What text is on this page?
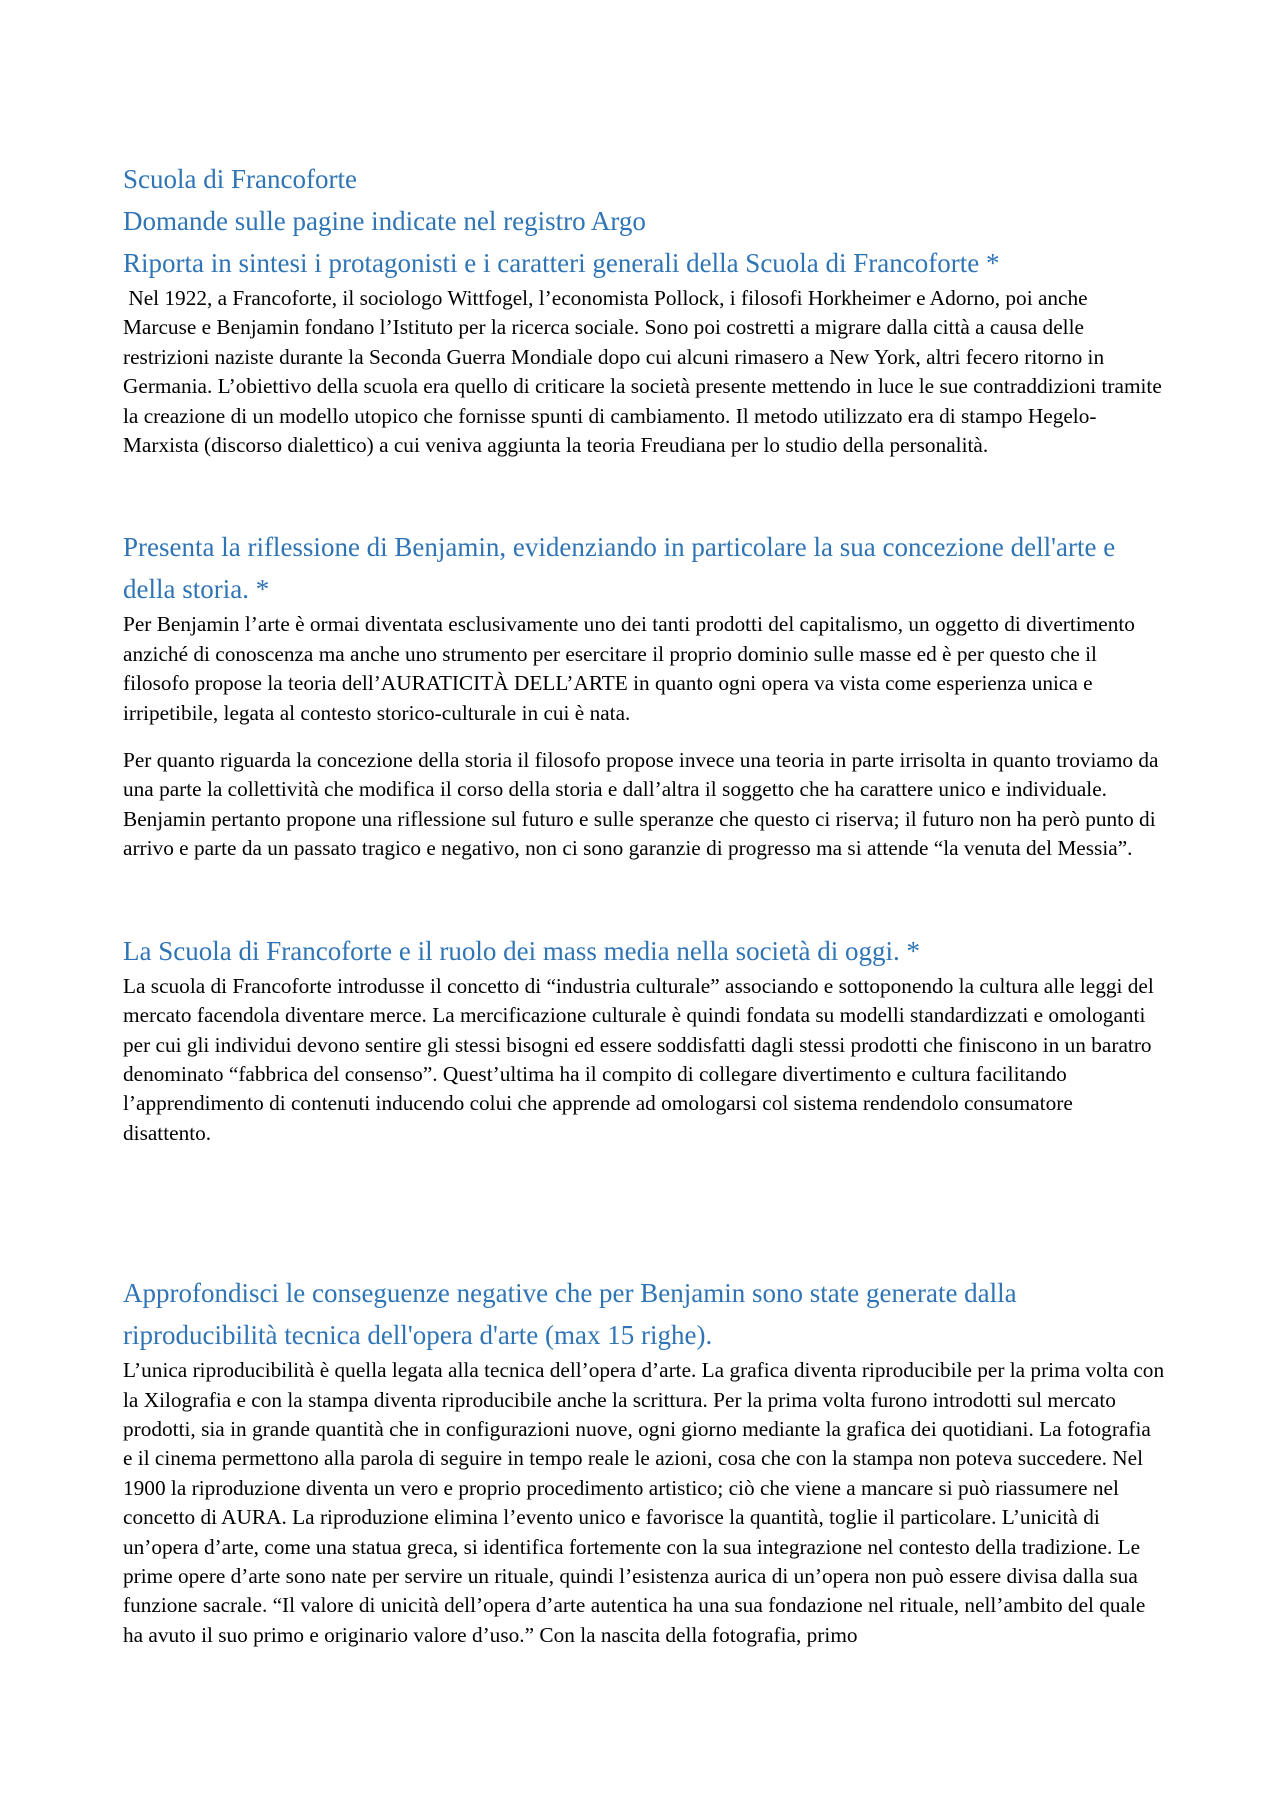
Scuola di Francoforte
Domande sulle pagine indicate nel registro Argo
Riporta in sintesi i protagonisti e i caratteri generali della Scuola di Francoforte *

Nel 1922, a Francoforte, il sociologo Wittfogel, l’economista Pollock, i filosofi Horkheimer e Adorno, poi anche Marcuse e Benjamin fondano l’Istituto per la ricerca sociale. Sono poi costretti a migrare dalla città a causa delle restrizioni naziste durante la Seconda Guerra Mondiale dopo cui alcuni rimasero a New York, altri fecero ritorno in Germania. L’obiettivo della scuola era quello di criticare la società presente mettendo in luce le sue contraddizioni tramite la creazione di un modello utopico che fornisse spunti di cambiamento. Il metodo utilizzato era di stampo Hegelo-Marxista (discorso dialettico) a cui veniva aggiunta la teoria Freudiana per lo studio della personalità.

Presenta la riflessione di Benjamin, evidenziando in particolare la sua concezione dell'arte e della storia. *

Per Benjamin l’arte è ormai diventata esclusivamente uno dei tanti prodotti del capitalismo, un oggetto di divertimento anziché di conoscenza ma anche uno strumento per esercitare il proprio dominio sulle masse ed è per questo che il filosofo propose la teoria dell’AURATICITÀ DELL’ARTE in quanto ogni opera va vista come esperienza unica e irripetibile, legata al contesto storico-culturale in cui è nata.

Per quanto riguarda la concezione della storia il filosofo propose invece una teoria in parte irrisolta in quanto troviamo da una parte la collettività che modifica il corso della storia e dall’altra il soggetto che ha carattere unico e individuale. Benjamin pertanto propone una riflessione sul futuro e sulle speranze che questo ci riserva; il futuro non ha però punto di arrivo e parte da un passato tragico e negativo, non ci sono garanzie di progresso ma si attende “la venuta del Messia”.

La Scuola di Francoforte e il ruolo dei mass media nella società di oggi. *

La scuola di Francoforte introdusse il concetto di “industria culturale” associando e sottoponendo la cultura alle leggi del mercato facendola diventare merce. La mercificazione culturale è quindi fondata su modelli standardizzati e omologanti per cui gli individui devono sentire gli stessi bisogni ed essere soddisfatti dagli stessi prodotti che finiscono in un baratro denominato “fabbrica del consenso”. Quest’ultima ha il compito di collegare divertimento e cultura facilitando l’apprendimento di contenuti inducendo colui che apprende ad omologarsi col sistema rendendolo consumatore disattento.

Approfondisci le conseguenze negative che per Benjamin sono state generate dalla riproducibilità tecnica dell'opera d'arte (max 15 righe).

L’unica riproducibilità è quella legata alla tecnica dell’opera d’arte. La grafica diventa riproducibile per la prima volta con la Xilografia e con la stampa diventa riproducibile anche la scrittura. Per la prima volta furono introdotti sul mercato prodotti, sia in grande quantità che in configurazioni nuove, ogni giorno mediante la grafica dei quotidiani. La fotografia e il cinema permettono alla parola di seguire in tempo reale le azioni, cosa che con la stampa non poteva succedere. Nel 1900 la riproduzione diventa un vero e proprio procedimento artistico; ciò che viene a mancare si può riassumere nel concetto di AURA. La riproduzione elimina l’evento unico e favorisce la quantità, toglie il particolare. L’unicità di un’opera d’arte, come una statua greca, si identifica fortemente con la sua integrazione nel contesto della tradizione. Le prime opere d’arte sono nate per servire un rituale, quindi l’esistenza aurica di un’opera non può essere divisa dalla sua funzione sacrale. “Il valore di unicità dell’opera d’arte autentica ha una sua fondazione nel rituale, nell’ambito del quale ha avuto il suo primo e originario valore d’uso.” Con la nascita della fotografia, primo
